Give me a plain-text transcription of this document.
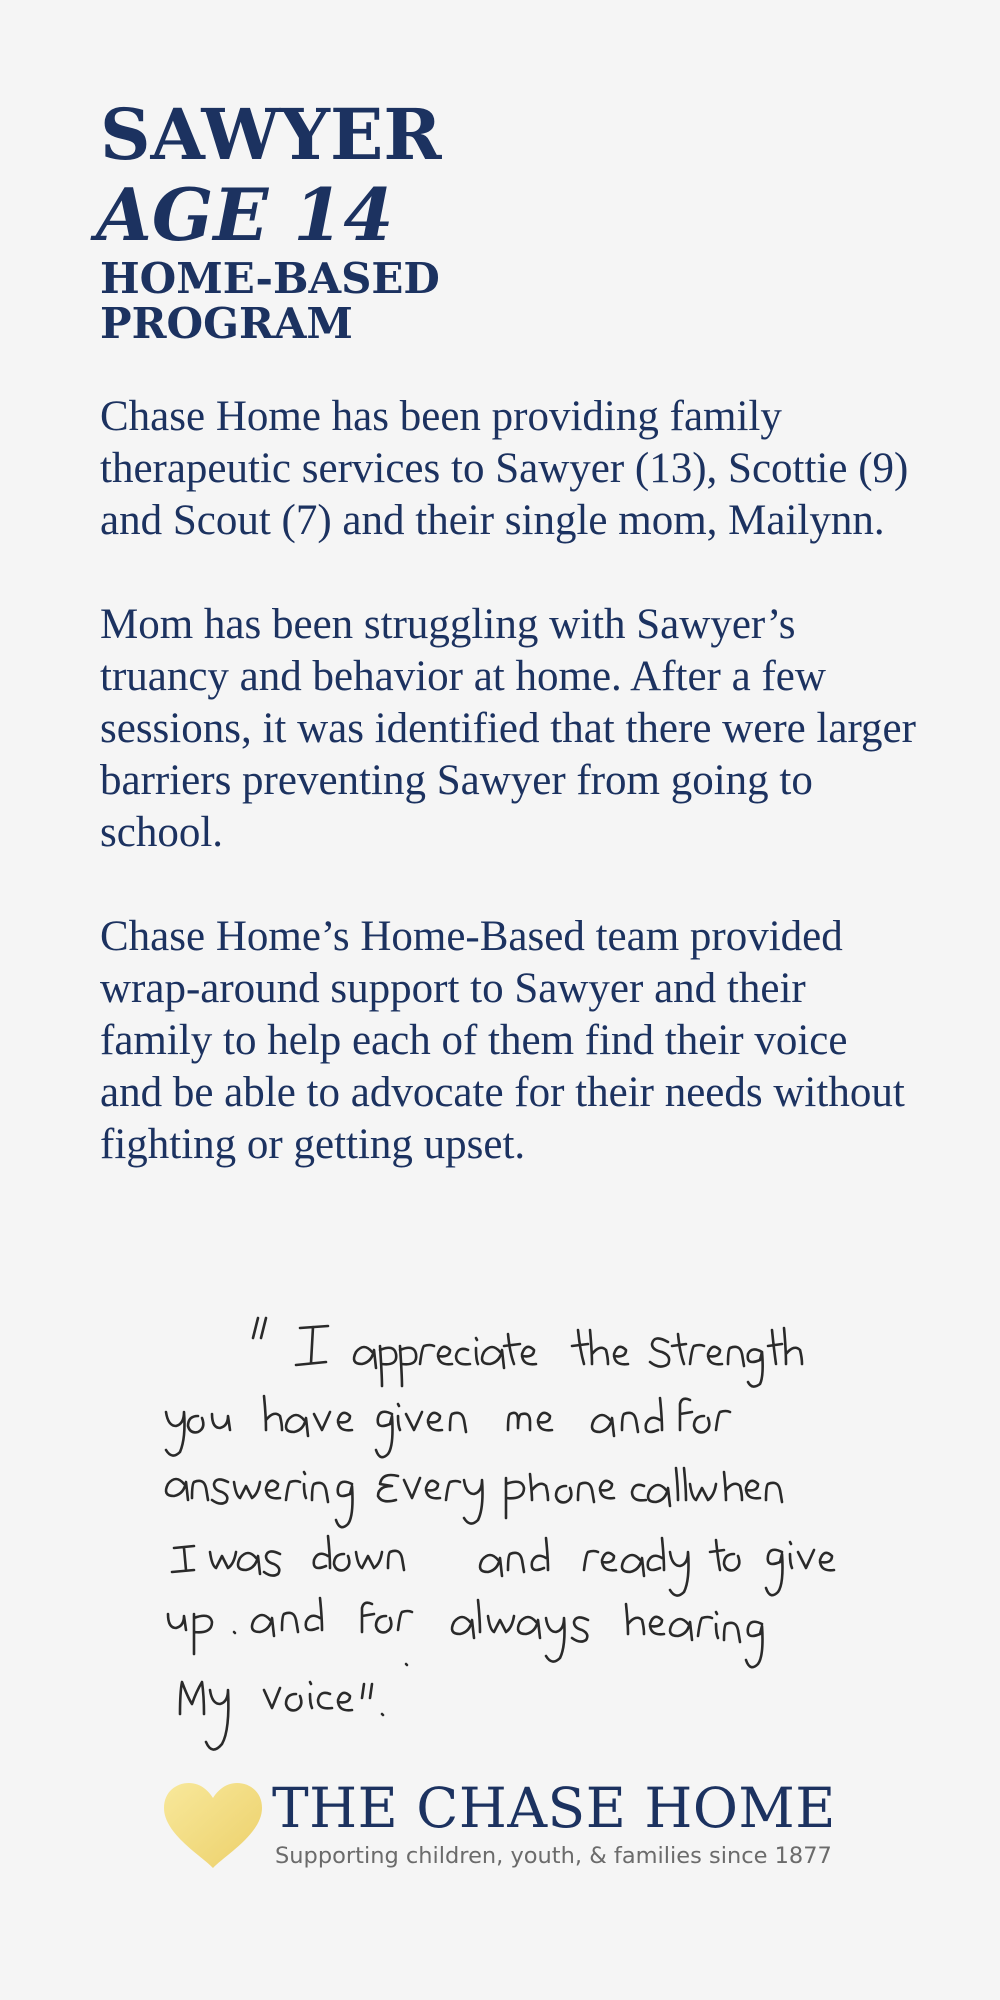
SAWYER
AGE 14
HOME-BASED PROGRAM

Chase Home has been providing family therapeutic services to Sawyer (13), Scottie (9) and Scout (7) and their single mom, Mailynn.

Mom has been struggling with Sawyer’s truancy and behavior at home. After a few sessions, it was identified that there were larger barriers preventing Sawyer from going to school.

Chase Home’s Home-Based team provided wrap-around support to Sawyer and their family to help each of them find their voice and be able to advocate for their needs without fighting or getting upset.

THE CHASE HOME
Supporting children, youth, & families since 1877
